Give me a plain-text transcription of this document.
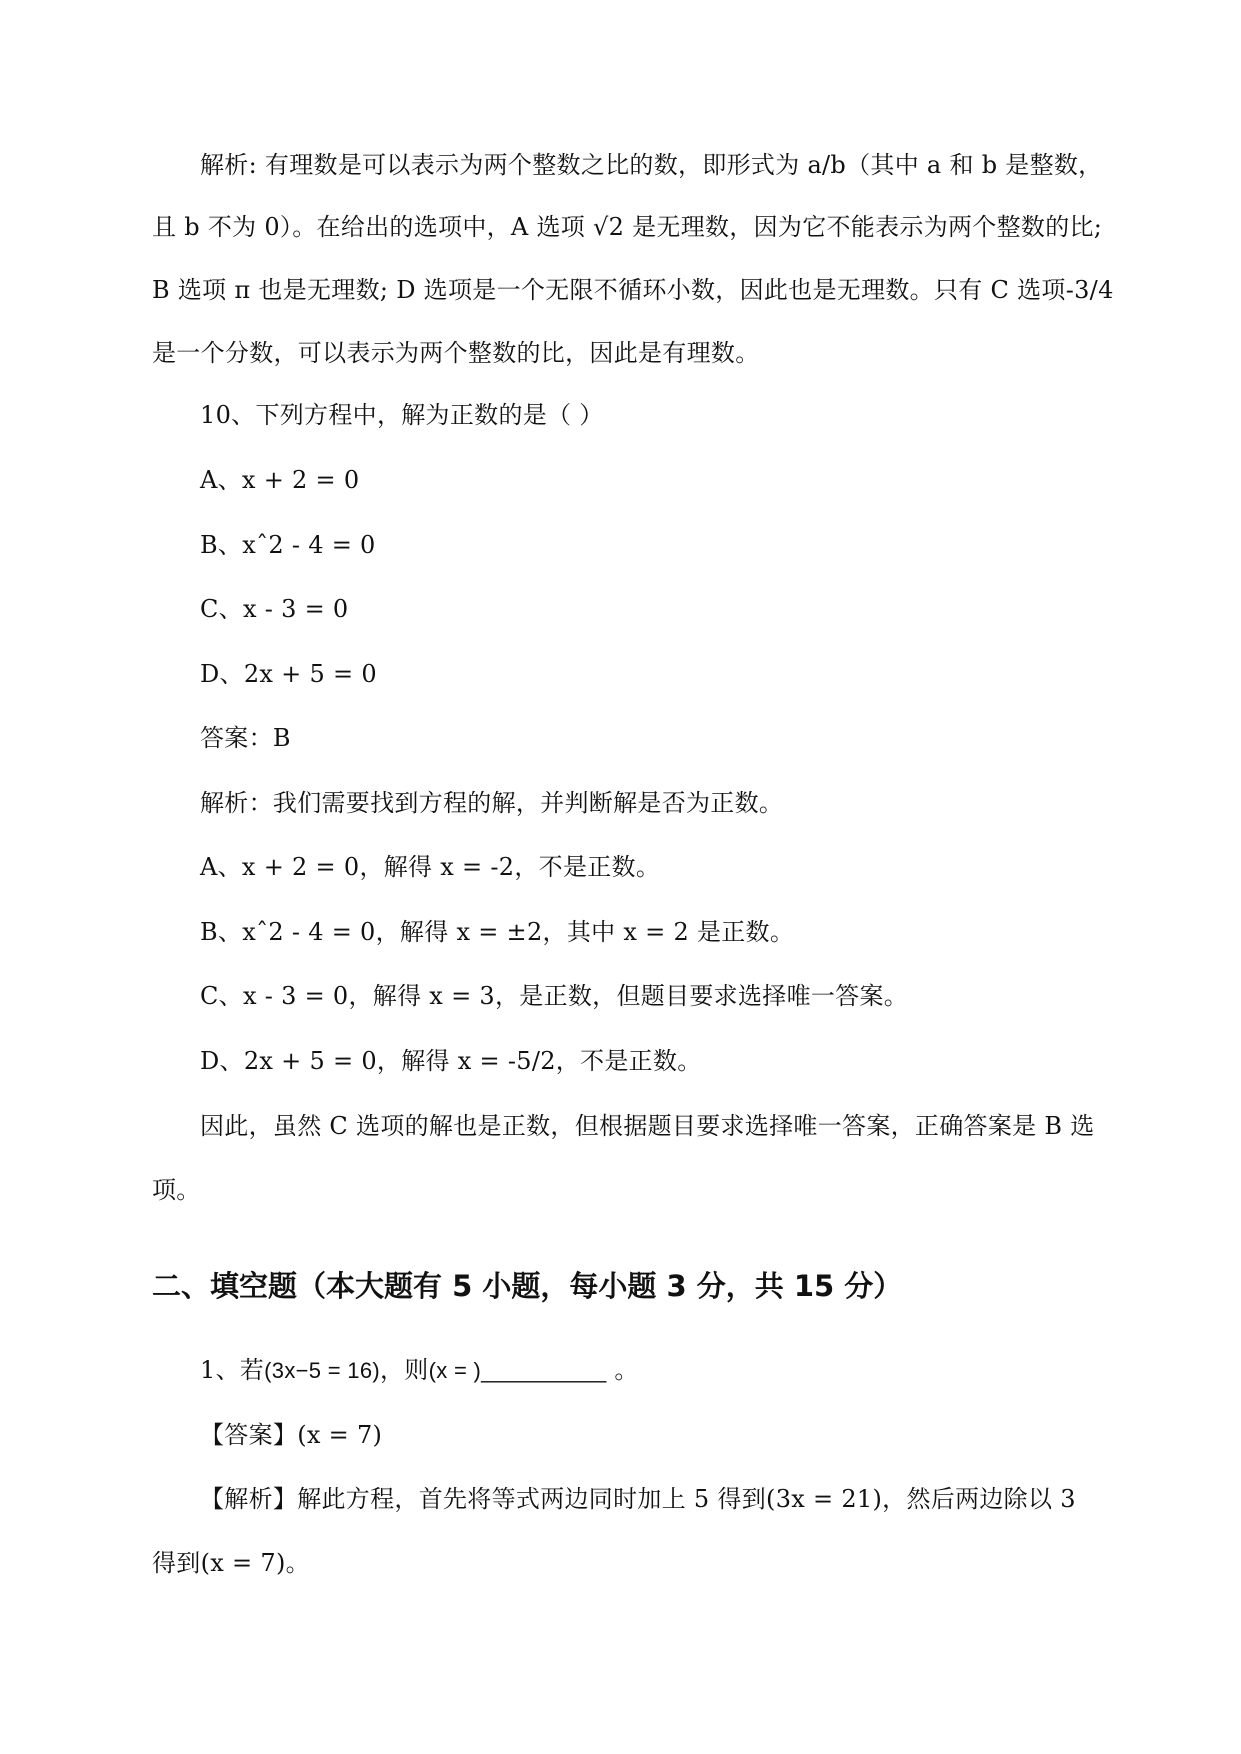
解析: 有理数是可以表示为两个整数之比的数，即形式为 a/b（其中 a 和 b 是整数，

且 b 不为 0）。在给出的选项中，A 选项 √2 是无理数，因为它不能表示为两个整数的比;

B 选项 π 也是无理数; D 选项是一个无限不循环小数，因此也是无理数。只有 C 选项-3/4

是一个分数，可以表示为两个整数的比，因此是有理数。

10、下列方程中，解为正数的是（ ）

A、x + 2 = 0

B、xˆ2 - 4 = 0

C、x - 3 = 0

D、2x + 5 = 0

答案：B

解析：我们需要找到方程的解，并判断解是否为正数。

A、x + 2 = 0，解得 x = -2，不是正数。

B、xˆ2 - 4 = 0，解得 x = ±2，其中 x = 2 是正数。

C、x - 3 = 0，解得 x = 3，是正数，但题目要求选择唯一答案。

D、2x + 5 = 0，解得 x = -5/2，不是正数。

因此，虽然 C 选项的解也是正数，但根据题目要求选择唯一答案，正确答案是 B 选

项。

二、填空题（本大题有 5 小题，每小题 3 分，共 15 分）

1、若(3x−5 = 16)，则(x = )__________ 。

【答案】(x = 7)

【解析】解此方程，首先将等式两边同时加上 5 得到(3x = 21)，然后两边除以 3

得到(x = 7)。
